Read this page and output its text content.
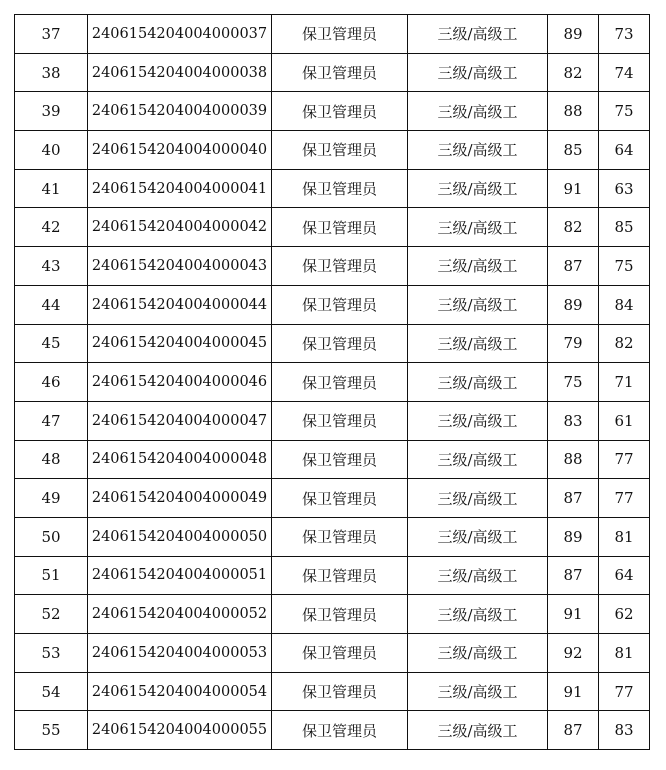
37	2406154204004000037	保卫管理员	三级/高级工	89	73
38	2406154204004000038	保卫管理员	三级/高级工	82	74
39	2406154204004000039	保卫管理员	三级/高级工	88	75
40	2406154204004000040	保卫管理员	三级/高级工	85	64
41	2406154204004000041	保卫管理员	三级/高级工	91	63
42	2406154204004000042	保卫管理员	三级/高级工	82	85
43	2406154204004000043	保卫管理员	三级/高级工	87	75
44	2406154204004000044	保卫管理员	三级/高级工	89	84
45	2406154204004000045	保卫管理员	三级/高级工	79	82
46	2406154204004000046	保卫管理员	三级/高级工	75	71
47	2406154204004000047	保卫管理员	三级/高级工	83	61
48	2406154204004000048	保卫管理员	三级/高级工	88	77
49	2406154204004000049	保卫管理员	三级/高级工	87	77
50	2406154204004000050	保卫管理员	三级/高级工	89	81
51	2406154204004000051	保卫管理员	三级/高级工	87	64
52	2406154204004000052	保卫管理员	三级/高级工	91	62
53	2406154204004000053	保卫管理员	三级/高级工	92	81
54	2406154204004000054	保卫管理员	三级/高级工	91	77
55	2406154204004000055	保卫管理员	三级/高级工	87	83
